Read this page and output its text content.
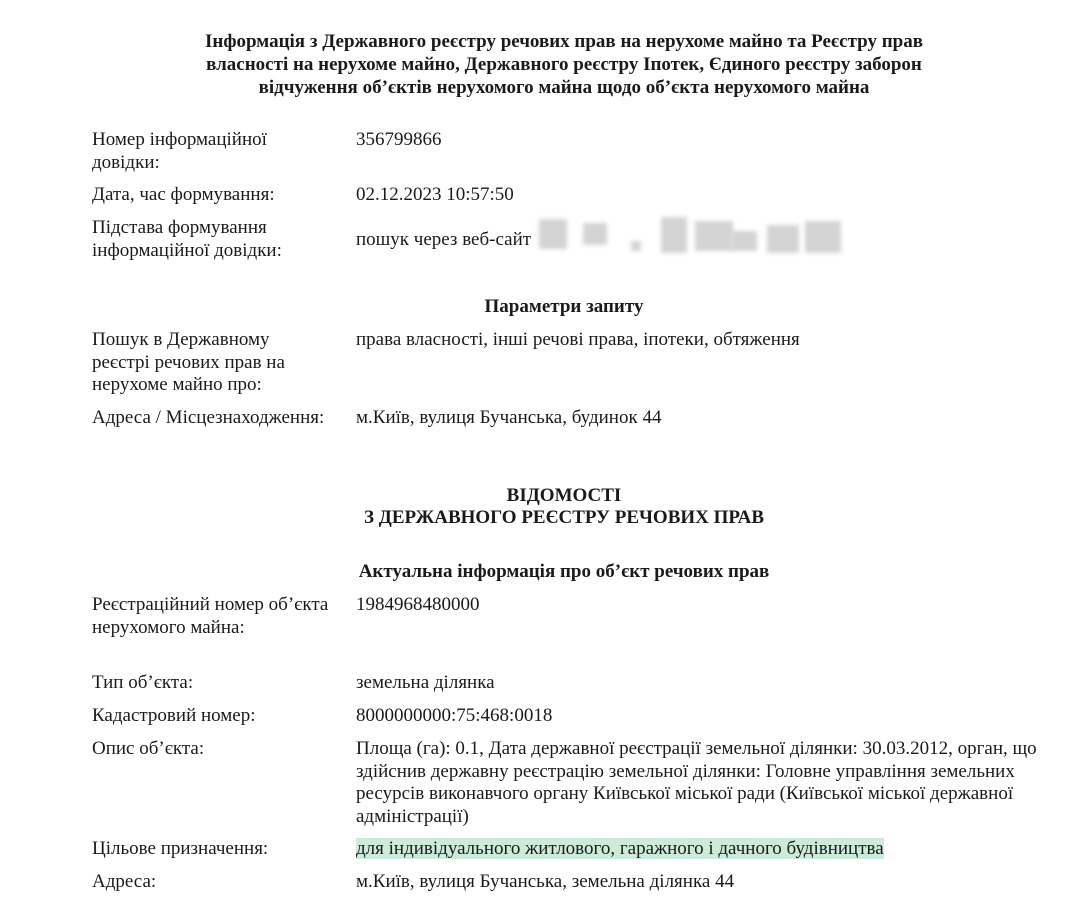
Інформація з Державного реєстру речових прав на нерухоме майно та Реєстру прав
власності на нерухоме майно, Державного реєстру Іпотек, Єдиного реєстру заборон
відчуження об’єктів нерухомого майна щодо об’єкта нерухомого майна
Номер інформаційної довідки:
356799866
Дата, час формування:	02.12.2023 10:57:50
Підстава формування інформаційної довідки:	пошук через веб-сайт
Параметри запиту
Пошук в Державному реєстрі речових прав на нерухоме майно про:
права власності, інші речові права, іпотеки, обтяження
Адреса / Місцезнаходження:	м.Київ, вулиця Бучанська, будинок 44
ВІДОМОСТІ
З ДЕРЖАВНОГО РЕЄСТРУ РЕЧОВИХ ПРАВ
Актуальна інформація про об’єкт речових прав
Реєстраційний номер об’єкта нерухомого майна:
1984968480000
Тип об’єкта:	земельна ділянка
Кадастровий номер:	8000000000:75:468:0018
Опис об’єкта:	Площа (га): 0.1, Дата державної реєстрації земельної ділянки: 30.03.2012, орган, що здійснив державну реєстрацію земельної ділянки: Головне управління земельних ресурсів виконавчого органу Київської міської ради (Київської міської державної адміністрації)
Цільове призначення:	для індивідуального житлового, гаражного і дачного будівництва
Адреса:	м.Київ, вулиця Бучанська, земельна ділянка 44
